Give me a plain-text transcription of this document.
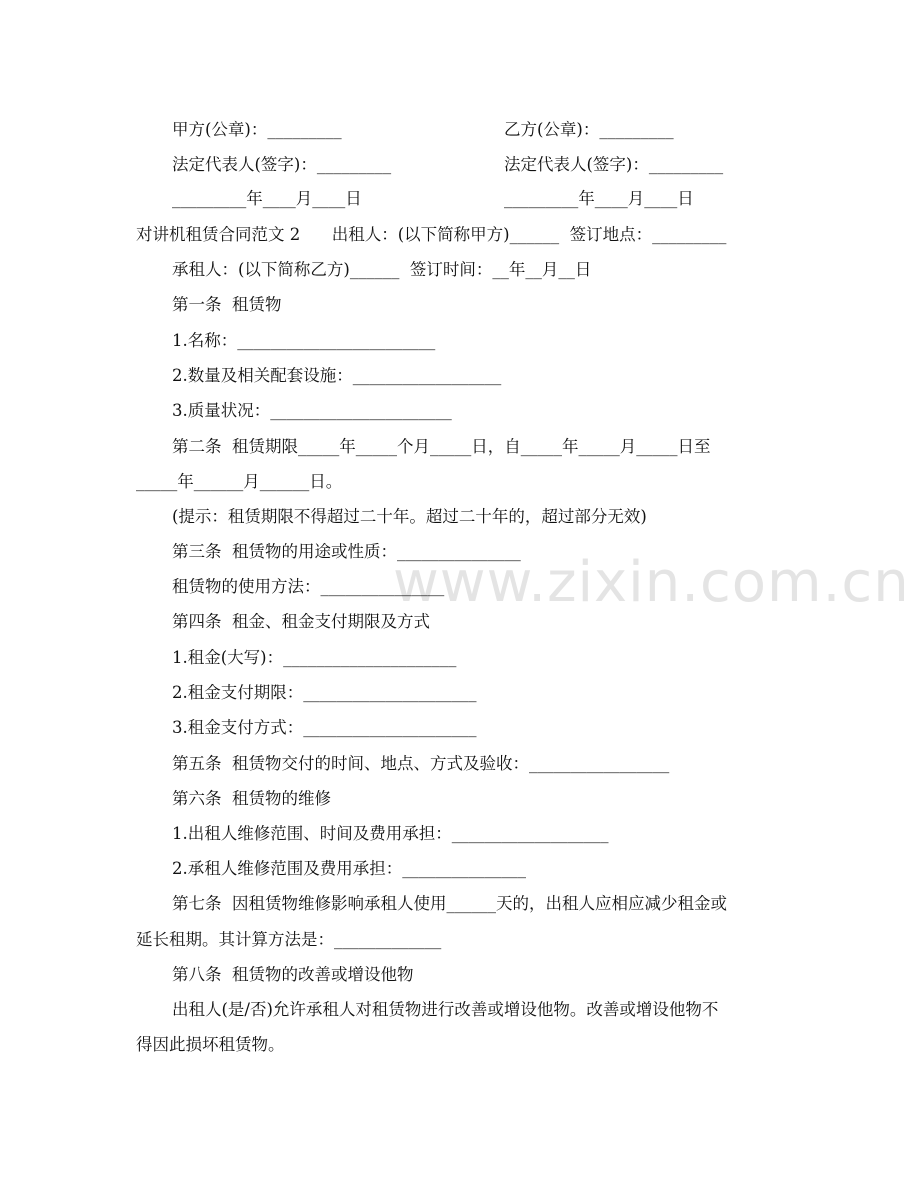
www.zixin.com.cn
甲方(公章)：_________	乙方(公章)：_________
法定代表人(签字)：_________	法定代表人(签字)：_________
_________年____月____日	_________年____月____日
对讲机租赁合同范文 2      出租人：(以下简称甲方)______  签订地点：_________
承租人：(以下简称乙方)______  签订时间：__年__月__日
第一条  租赁物
1.名称：________________________
2.数量及相关配套设施：__________________
3.质量状况：______________________
第二条  租赁期限_____年_____个月_____日，自_____年_____月_____日至
_____年______月______日。
(提示：租赁期限不得超过二十年。超过二十年的，超过部分无效)
第三条  租赁物的用途或性质：_______________
租赁物的使用方法：_______________
第四条  租金、租金支付期限及方式
1.租金(大写)：_____________________
2.租金支付期限：_____________________
3.租金支付方式：_____________________
第五条  租赁物交付的时间、地点、方式及验收：_________________
第六条  租赁物的维修
1.出租人维修范围、时间及费用承担：___________________
2.承租人维修范围及费用承担：_______________
第七条  因租赁物维修影响承租人使用______天的，出租人应相应减少租金或
延长租期。其计算方法是：_____________
第八条  租赁物的改善或增设他物
出租人(是/否)允许承租人对租赁物进行改善或增设他物。改善或增设他物不
得因此损坏租赁物。
